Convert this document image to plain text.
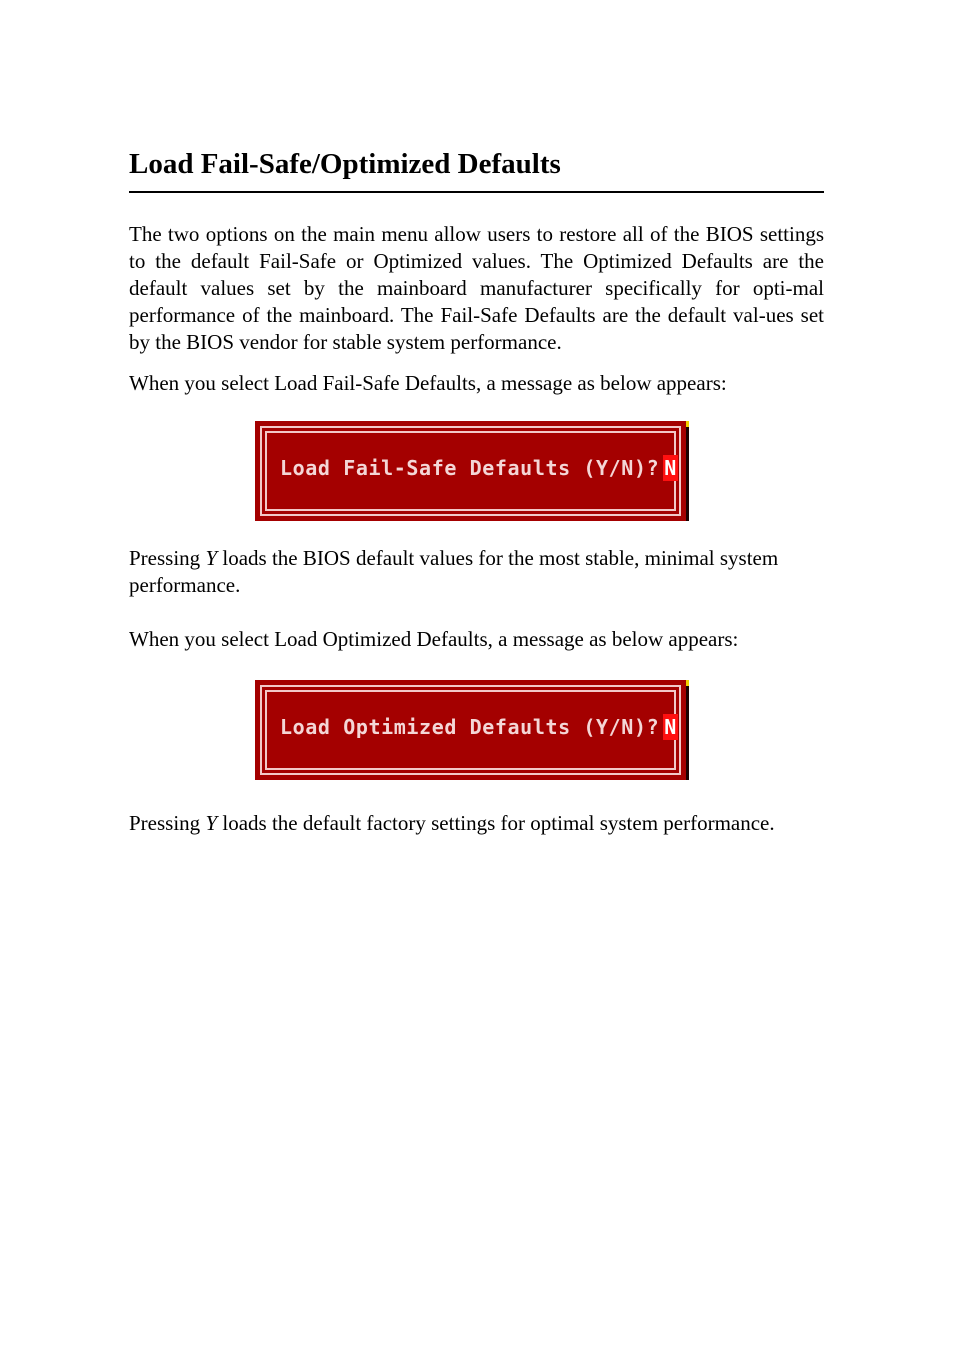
Load Fail-Safe/Optimized Defaults

The two options on the main menu allow users to restore all of the BIOS settings to the default Fail-Safe or Optimized values. The Optimized Defaults are the default values set by the mainboard manufacturer specifically for opti-mal performance of the mainboard. The Fail-Safe Defaults are the default val-ues set by the BIOS vendor for stable system performance.

When you select Load Fail-Safe Defaults, a message as below appears:

Pressing Y loads the BIOS default values for the most stable, minimal system performance.

When you select Load Optimized Defaults, a message as below appears:

Pressing Y loads the default factory settings for optimal system performance.

Load Fail-Safe Defaults (Y/N)? N
Load Optimized Defaults (Y/N)? N
